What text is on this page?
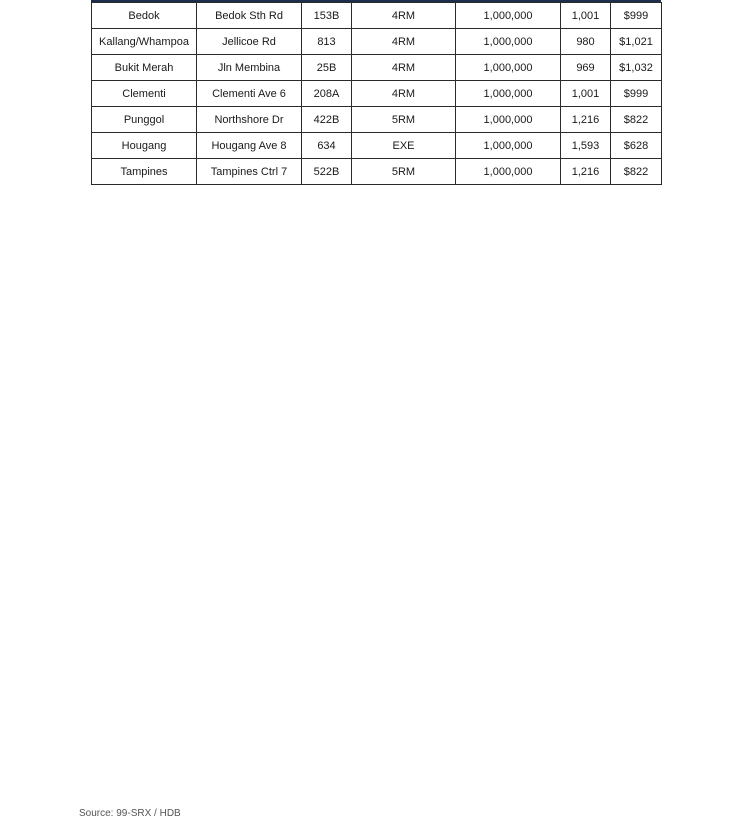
Bedok	Bedok Sth Rd	153B	4RM	1,000,000	1,001	$999
Kallang/Whampoa	Jellicoe Rd	813	4RM	1,000,000	980	$1,021
Bukit Merah	Jln Membina	25B	4RM	1,000,000	969	$1,032
Clementi	Clementi Ave 6	208A	4RM	1,000,000	1,001	$999
Punggol	Northshore Dr	422B	5RM	1,000,000	1,216	$822
Hougang	Hougang Ave 8	634	EXE	1,000,000	1,593	$628
Tampines	Tampines Ctrl 7	522B	5RM	1,000,000	1,216	$822
Source: 99-SRX / HDB
